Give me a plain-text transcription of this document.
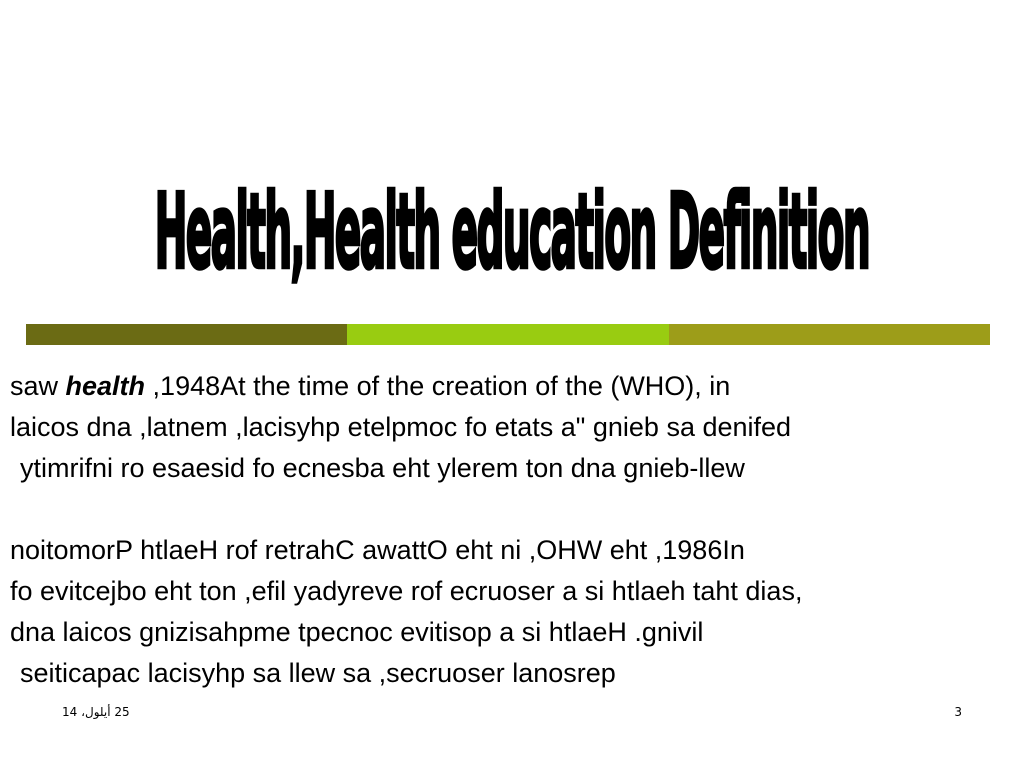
Health,Health education Definition
saw health ,1948At the time of the creation of the (WHO), in
laicos dna ,latnem ,lacisyhp etelpmoc fo etats a" gnieb sa denifed
ytimrifni ro esaesid fo ecnesba eht ylerem ton dna gnieb-llew
noitomorP htlaeH rof retrahC awattO eht ni ,OHW eht ,1986In
fo evitcejbo eht ton ,efil yadyreve rof ecruoser a si htlaeh taht dias,
dna laicos gnizisahpme tpecnoc evitisop a si htlaeH .gnivil
seiticapac lacisyhp sa llew sa ,secruoser lanosrep
25 أيلول، 14	3
